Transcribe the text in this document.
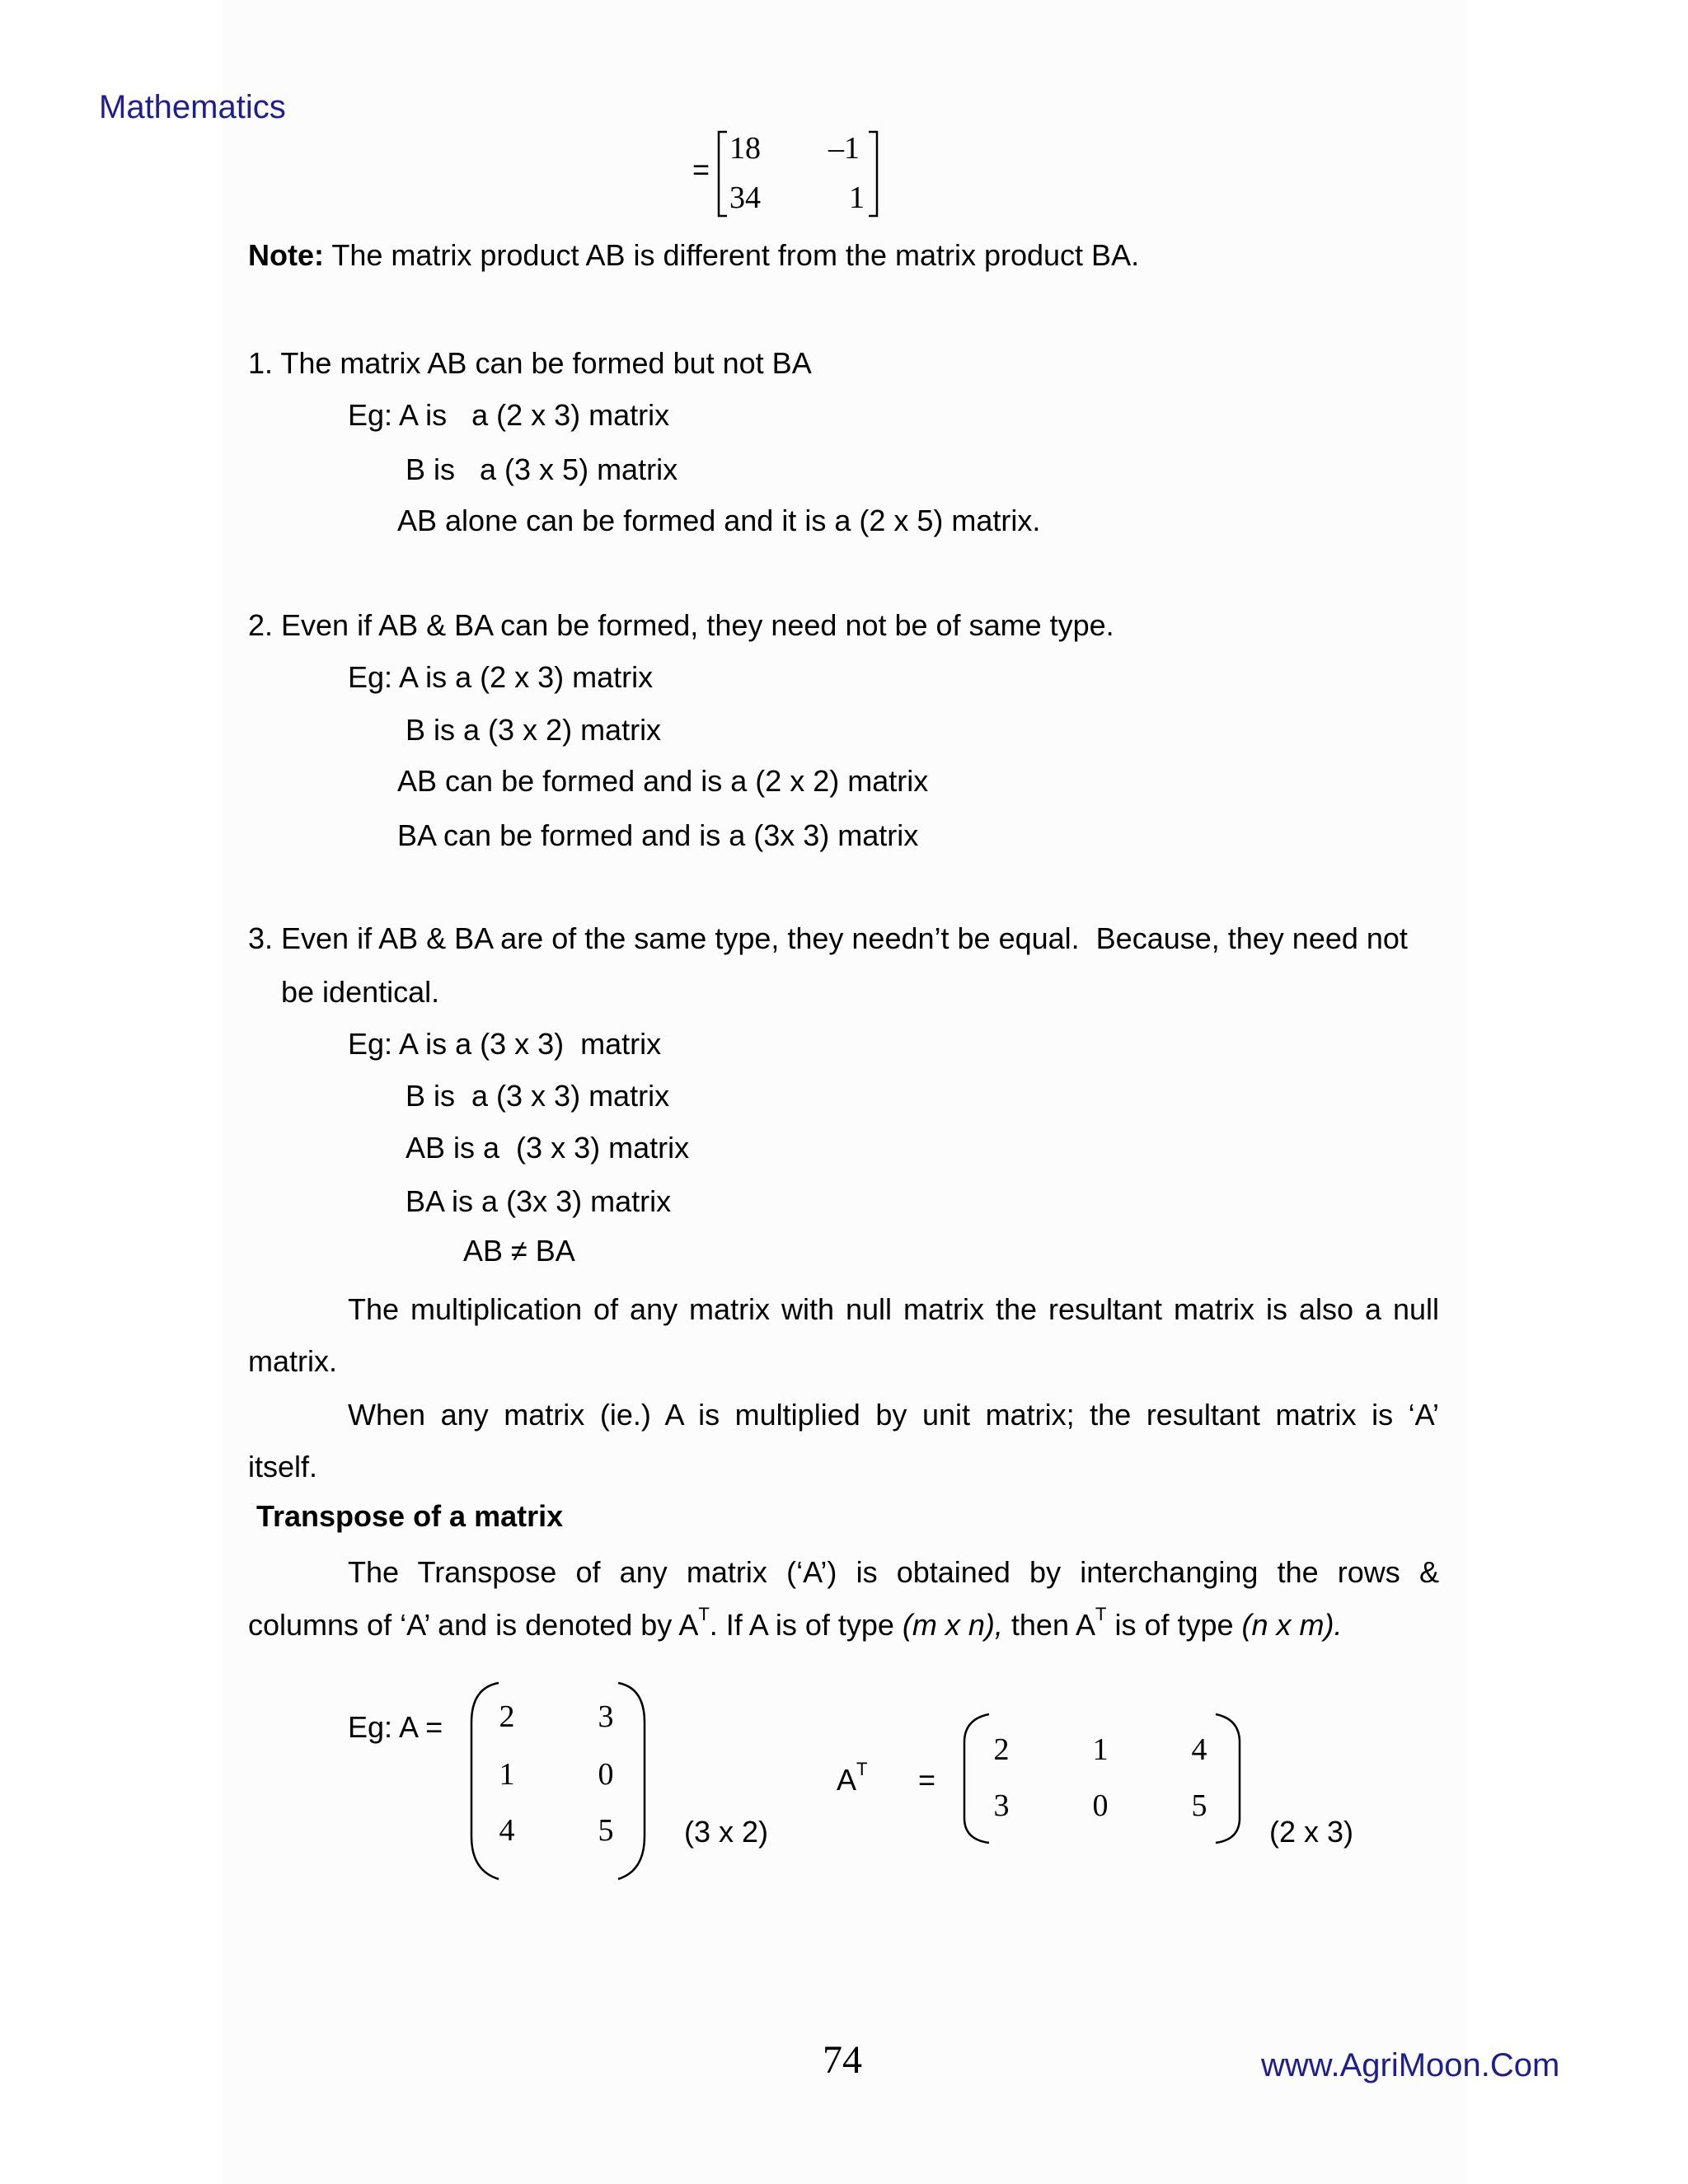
Mathematics
=
18 –1
34	1
Note: The matrix product AB is different from the matrix product BA.
1. The matrix AB can be formed but not BA
Eg: A is   a (2 x 3) matrix
B is   a (3 x 5) matrix
AB alone can be formed and it is a (2 x 5) matrix.
2. Even if AB & BA can be formed, they need not be of same type.
Eg: A is a (2 x 3) matrix
B is a (3 x 2) matrix
AB can be formed and is a (2 x 2) matrix
BA can be formed and is a (3x 3) matrix
3. Even if AB & BA are of the same type, they needn’t be equal.  Because, they need not
be identical.
Eg: A is a (3 x 3)  matrix
B is  a (3 x 3) matrix
AB is a  (3 x 3) matrix
BA is a (3x 3) matrix
AB ≠ BA
The multiplication of any matrix with null matrix the resultant matrix is also a null
matrix.
When any matrix (ie.) A is multiplied by unit matrix; the resultant matrix is ‘A’
itself.
Transpose of a matrix
The Transpose of any matrix (‘A’) is obtained by interchanging the rows &
columns of ‘A’ and is denoted by $A^T$. If A is of type (m x n), then $A^T$ is of type (n x m).
Eg: A =	2	3
1	0
4	5	(3 x 2)
$A^T$ =
2	1	4
3	0	5
(2 x 3)
74	www.AgriMoon.Com
